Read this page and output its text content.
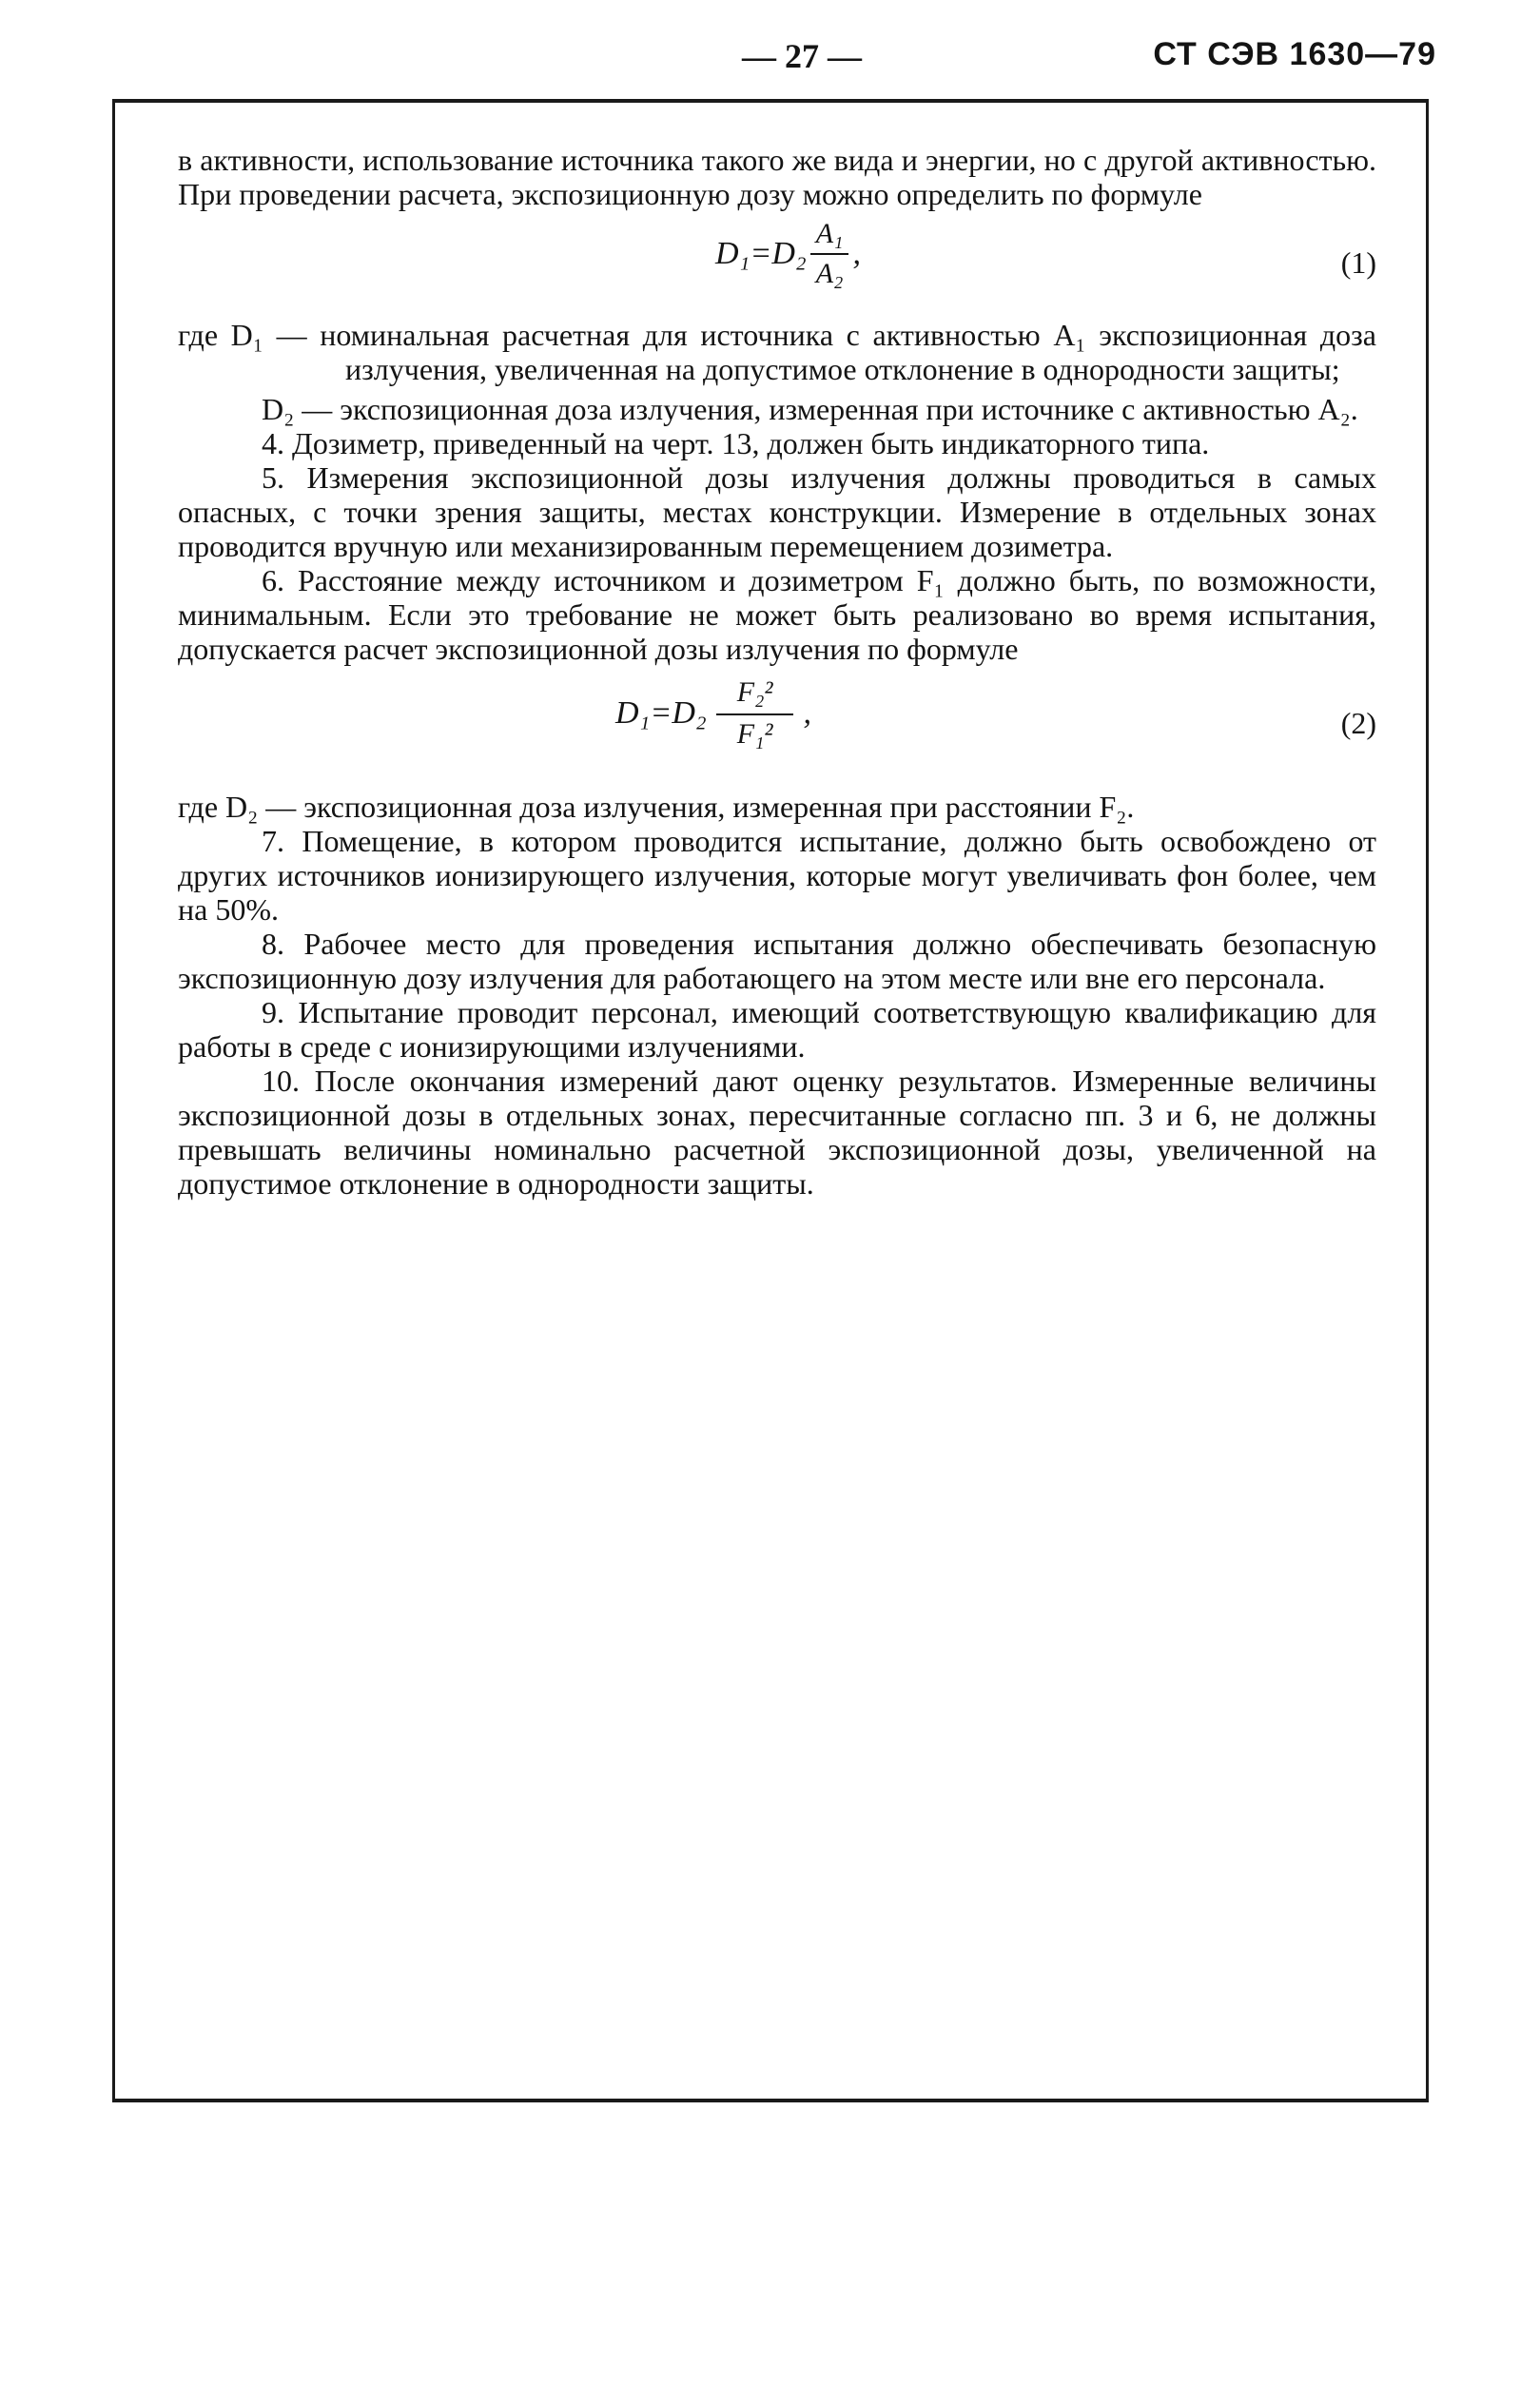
— 27 —	СТ СЭВ 1630—79

в активности, использование источника такого же вида и энергии, но с другой активностью. При проведении расчета, экспозиционную дозу можно определить по формуле

$D_1=D_2 \frac{\text{A₁}}{\text{A₂}}$ ,	(1)

где D₁ — номинальная расчетная для источника с активностью A₁ экспозиционная доза излучения, увеличенная на допустимое отклонение в однородности защиты;

D₂ — экспозиционная доза излучения, измеренная при источнике с активностью A₂.

4. Дозиметр, приведенный на черт. 13, должен быть индикаторного типа.

5. Измерения экспозиционной дозы излучения должны проводиться в самых опасных, с точки зрения защиты, местах конструкции. Измерение в отдельных зонах проводится вручную или механизированным перемещением дозиметра.

6. Расстояние между источником и дозиметром F₁ должно быть, по возможности, минимальным. Если это требование не может быть реализовано во время испытания, допускается расчет экспозиционной дозы излучения по формуле

$D_1=D_2 \frac{\text{F₂²}}{\text{F₁²}}$ ,	(2)

где D₂ — экспозиционная доза излучения, измеренная при расстоянии F₂.

7. Помещение, в котором проводится испытание, должно быть освобождено от других источников ионизирующего излучения, которые могут увеличивать фон более, чем на 50%.

8. Рабочее место для проведения испытания должно обеспечивать безопасную экспозиционную дозу излучения для работающего на этом месте или вне его персонала.

9. Испытание проводит персонал, имеющий соответствующую квалификацию для работы в среде с ионизирующими излучениями.

10. После окончания измерений дают оценку результатов. Измеренные величины экспозиционной дозы в отдельных зонах, пересчитанные согласно пп. 3 и 6, не должны превышать величины номинально расчетной экспозиционной дозы, увеличенной на допустимое отклонение в однородности защиты.
